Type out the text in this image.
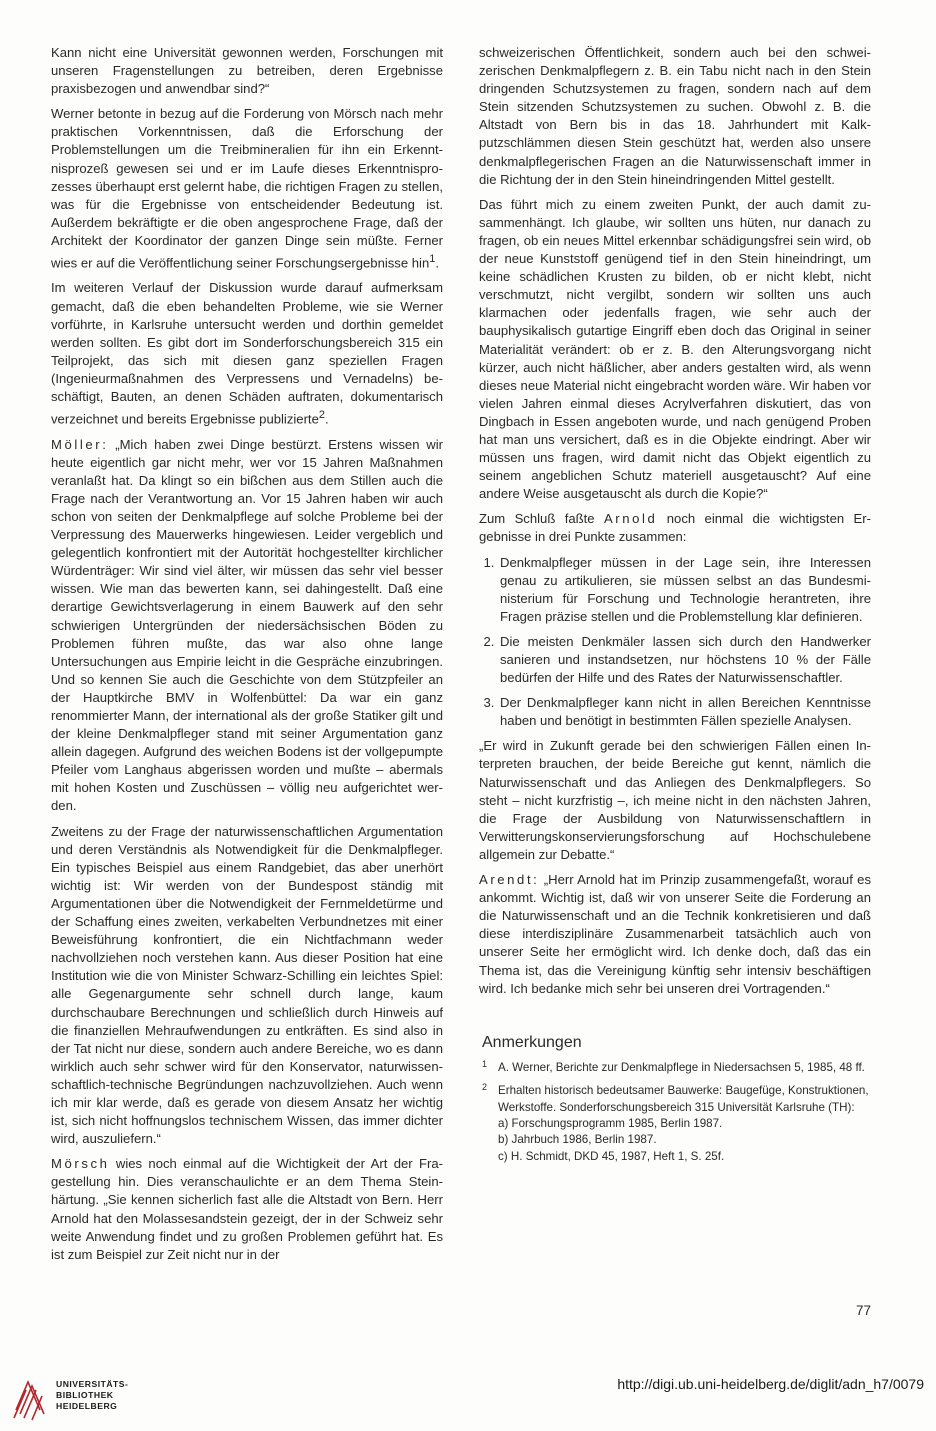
Kann nicht eine Universität gewonnen werden, Forschungen mit unseren Fragenstellungen zu betreiben, deren Ergebnisse praxisbezogen und anwendbar sind?“

Werner betonte in bezug auf die Forderung von Mörsch nach mehr praktischen Vorkenntnissen, daß die Erforschung der Problemstellungen um die Treibmineralien für ihn ein Erkenntnisprozeß gewesen sei und er im Laufe dieses Erkenntnisprozesses überhaupt erst gelernt habe, die richtigen Fragen zu stellen, was für die Ergebnisse von entscheidender Bedeutung ist. Außerdem bekräftigte er die oben angesprochene Frage, daß der Architekt der Koordinator der ganzen Dinge sein müßte. Ferner wies er auf die Veröffentlichung seiner Forschungsergebnisse hin$^1$.

Im weiteren Verlauf der Diskussion wurde darauf aufmerksam gemacht, daß die eben behandelten Probleme, wie sie Werner vorführte, in Karlsruhe untersucht werden und dorthin gemeldet werden sollten. Es gibt dort im Sonderforschungsbereich 315 ein Teilprojekt, das sich mit diesen ganz speziellen Fragen (Ingenieurmaßnahmen des Verpressens und Vernadelns) beschäftigt, Bauten, an denen Schäden auftraten, dokumentarisch verzeichnet und bereits Ergebnisse publizierte$^2$.

Möller: „Mich haben zwei Dinge bestürzt. Erstens wissen wir heute eigentlich gar nicht mehr, wer vor 15 Jahren Maßnahmen veranlaßt hat. Da klingt so ein bißchen aus dem Stillen auch die Frage nach der Verantwortung an. Vor 15 Jahren haben wir auch schon von seiten der Denkmalpflege auf solche Probleme bei der Verpressung des Mauerwerks hingewiesen. Leider vergeblich und gelegentlich konfrontiert mit der Autorität hochgestellter kirchlicher Würdenträger: Wir sind viel älter, wir müssen das sehr viel besser wissen. Wie man das bewerten kann, sei dahingestellt. Daß eine derartige Gewichtsverlagerung in einem Bauwerk auf den sehr schwierigen Untergründen der niedersächsischen Böden zu Problemen führen mußte, das war also ohne lange Untersuchungen aus Empirie leicht in die Gespräche einzubringen. Und so kennen Sie auch die Geschichte von dem Stützpfeiler an der Hauptkirche BMV in Wolfenbüttel: Da war ein ganz renommierter Mann, der international als der große Statiker gilt und der kleine Denkmalpfleger stand mit seiner Argumentation ganz allein dagegen. Aufgrund des weichen Bodens ist der vollgepumpte Pfeiler vom Langhaus abgerissen worden und mußte – abermals mit hohen Kosten und Zuschüssen – völlig neu aufgerichtet werden.

Zweitens zu der Frage der naturwissenschaftlichen Argumentation und deren Verständnis als Notwendigkeit für die Denkmalpfleger. Ein typisches Beispiel aus einem Randgebiet, das aber unerhört wichtig ist: Wir werden von der Bundespost ständig mit Argumentationen über die Notwendigkeit der Fernmeldetürme und der Schaffung eines zweiten, verkabelten Verbundnetzes mit einer Beweisführung konfrontiert, die ein Nichtfachmann weder nachvollziehen noch verstehen kann. Aus dieser Position hat eine Institution wie die von Minister Schwarz-Schilling ein leichtes Spiel: alle Gegenargumente sehr schnell durch lange, kaum durchschaubare Berechnungen und schließlich durch Hinweis auf die finanziellen Mehraufwendungen zu entkräften. Es sind also in der Tat nicht nur diese, sondern auch andere Bereiche, wo es dann wirklich auch sehr schwer wird für den Konservator, naturwissenschaftlich-technische Begründungen nachzuvollziehen. Auch wenn ich mir klar werde, daß es gerade von diesem Ansatz her wichtig ist, sich nicht hoffnungslos technischem Wissen, das immer dichter wird, auszuliefern.“

Mörsch wies noch einmal auf die Wichtigkeit der Art der Fragestellung hin. Dies veranschaulichte er an dem Thema Steinhärtung. „Sie kennen sicherlich fast alle die Altstadt von Bern. Herr Arnold hat den Molassesandstein gezeigt, der in der Schweiz sehr weite Anwendung findet und zu großen Problemen geführt hat. Es ist zum Beispiel zur Zeit nicht nur in der

schweizerischen Öffentlichkeit, sondern auch bei den schweizerischen Denkmalpflegern z. B. ein Tabu nicht nach in den Stein dringenden Schutzsystemen zu fragen, sondern nach auf dem Stein sitzenden Schutzsystemen zu suchen. Obwohl z. B. die Altstadt von Bern bis in das 18. Jahrhundert mit Kalkputzschlämmen diesen Stein geschützt hat, werden also unsere denkmalpflegerischen Fragen an die Naturwissenschaft immer in die Richtung der in den Stein hineindringenden Mittel gestellt.

Das führt mich zu einem zweiten Punkt, der auch damit zusammenhängt. Ich glaube, wir sollten uns hüten, nur danach zu fragen, ob ein neues Mittel erkennbar schädigungsfrei sein wird, ob der neue Kunststoff genügend tief in den Stein hineindringt, um keine schädlichen Krusten zu bilden, ob er nicht klebt, nicht verschmutzt, nicht vergilbt, sondern wir sollten uns auch klarmachen oder jedenfalls fragen, wie sehr auch der bauphysikalisch gutartige Eingriff eben doch das Original in seiner Materialität verändert: ob er z. B. den Alterungsvorgang nicht kürzer, auch nicht häßlicher, aber anders gestalten wird, als wenn dieses neue Material nicht eingebracht worden wäre. Wir haben vor vielen Jahren einmal dieses Acrylverfahren diskutiert, das von Dingbach in Essen angeboten wurde, und nach genügend Proben hat man uns versichert, daß es in die Objekte eindringt. Aber wir müssen uns fragen, wird damit nicht das Objekt eigentlich zu seinem angeblichen Schutz materiell ausgetauscht? Auf eine andere Weise ausgetauscht als durch die Kopie?“

Zum Schluß faßte Arnold noch einmal die wichtigsten Ergebnisse in drei Punkte zusammen:

1. Denkmalpfleger müssen in der Lage sein, ihre Interessen genau zu artikulieren, sie müssen selbst an das Bundesministerium für Forschung und Technologie herantreten, ihre Fragen präzise stellen und die Problemstellung klar definieren.
2. Die meisten Denkmäler lassen sich durch den Handwerker sanieren und instandsetzen, nur höchstens 10 % der Fälle bedürfen der Hilfe und des Rates der Naturwissenschaftler.
3. Der Denkmalpfleger kann nicht in allen Bereichen Kenntnisse haben und benötigt in bestimmten Fällen spezielle Analysen.

„Er wird in Zukunft gerade bei den schwierigen Fällen einen Interpreten brauchen, der beide Bereiche gut kennt, nämlich die Naturwissenschaft und das Anliegen des Denkmalpflegers. So steht – nicht kurzfristig –, ich meine nicht in den nächsten Jahren, die Frage der Ausbildung von Naturwissenschaftlern in Verwitterungskonservierungsforschung auf Hochschulebene allgemein zur Debatte.“

Arendt: „Herr Arnold hat im Prinzip zusammengefaßt, worauf es ankommt. Wichtig ist, daß wir von unserer Seite die Forderung an die Naturwissenschaft und an die Technik konkretisieren und daß diese interdisziplinäre Zusammenarbeit tatsächlich auch von unserer Seite her ermöglicht wird. Ich denke doch, daß das ein Thema ist, das die Vereinigung künftig sehr intensiv beschäftigen wird. Ich bedanke mich sehr bei unseren drei Vortragenden.“

Anmerkungen
1 A. Werner, Berichte zur Denkmalpflege in Niedersachsen 5, 1985, 48 ff.
2 Erhalten historisch bedeutsamer Bauwerke: Baugefüge, Konstruktionen, Werkstoffe. Sonderforschungsbereich 315 Universität Karlsruhe (TH):
a) Forschungsprogramm 1985, Berlin 1987.
b) Jahrbuch 1986, Berlin 1987.
c) H. Schmidt, DKD 45, 1987, Heft 1, S. 25f.
77
UNIVERSITÄTS-
BIBLIOTHEK
HEIDELBERG
http://digi.ub.uni-heidelberg.de/diglit/adn_h7/0079
